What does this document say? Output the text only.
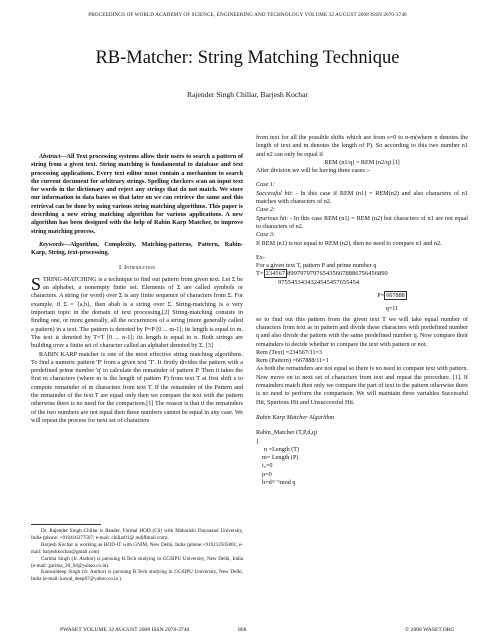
PROCEEDINGS OF WORLD ACADEMY OF SCIENCE, ENGINEERING AND TECHNOLOGY VOLUME 32 AUGUST 2008 ISSN 2070-3740
RB-Matcher: String Matching Technique
Rajender Singh Chillar, Barjesh Kochar

Abstract—All Text processing systems allow their users to search a pattern of string from a given text. String matching is fundamental to database and text processing applications. Every text editor must contain a mechanism to search the current document for arbitrary strings. Spelling checkers scan an input text for words in the dictionary and reject any strings that do not match. We store our information in data bases so that later on we can retrieve the same and this retrieval can be done by using various string matching algorithms. This paper is describing a new string matching algorithm for various applications. A new algorithm has been designed with the help of Rabin Karp Matcher, to improve string matching process.

Keywords—Algorithm, Complexity, Matching-patterns, Pattern, Rabin-Karp, String, text-processing.

I. Introduction

STRING-MATCHING is a technique to find out pattern from given text. Let Σ be an alphabet, a nonempty finite set. Elements of Σ are called symbols or characters. A string (or word) over Σ is any finite sequence of characters from Σ. For example, if Σ = {a,b}, then abab is a string over Σ. String-matching is a very important topic in the domain of text processing.[2] String-matching consists in finding one, or more generally, all the occurrences of a string (more generally called a pattern) in a text. The pattern is denoted by P=P [0 ... m-1]; its length is equal to m. The text is denoted by T=T [0 ... n-1]; its length is equal to n. Both strings are building over a finite set of character called an alphabet denoted by Σ. [3]

RABIN KARP matcher is one of the most effective string matching algorithms. To find a numeric pattern 'P' from a given text 'T'. It firstly divides the pattern with a predefined prime number 'q' to calculate the remainder of pattern P. Then it takes the first m characters (where m is the length of pattern P) from text T at first shift s to compute remainder of m characters from text T. If the remainder of the Pattern and the remainder of the text T are equal only then we compare the text with the pattern otherwise there is no need for the comparison.[1] The reason is that if the remainders of the two numbers are not equal then these numbers cannot be equal in any case. We will repeat the process for next set of characters

Dr. Rajender Singh Chillar is Reader, Formal HOD (CS) with Maharishi Dayanand University, India (phone: +919416277507; e-mail: chillar01@ rediffmail.com).

Barjesh Kochar is working as HOD-IT with GNIM, New Delhi, India (phone:+919212505801; e-mail: barjeshkochar@gmail.com)

Garima Singh (Jr. Author) is pursuing B.Tech studying in GGSIPU University, New Delhi, India (e-mail: garima_20_04@yahoo.co.in).

Kanwaldeep Singh (Jr. Author) is pursuing B.Tech studying in GGSIPU University, New Delhi, India (e-mail: kawal_deep87@yahoo.co.in ).

from text for all the possible shifts which are from s=0 to n-m(where n denotes the length of text and m denotes the length of P). So according to this two number n1 and n2 can only be equal if

REM (n1/q) = REM (n2/q) [1]

After division we will be having three cases :-

Case 1:

Successful hit: - In this case if REM (n1) = REM(n2) and also characters of n1 matches with characters of n2.

Case 2:

Spurious hit: - In this case REM (n1) = REM (n2) but characters of n1 are not equal to characters of n2.

Case 3:

If REM (n1) is not equal to REM (n2), then no need to compare n1 and n2.

Ex-

For a given text T, pattern P and prime number q

T= 234567 8997979797654356678886756456890

9755453434324545457655454

P= 667888

q=11

so to find out this pattern from the given text T we will take equal number of characters from text as in pattern and divide these characters with predefined number q and also divide the pattern with the same predefined number q. Now compare their remainders to decide whether to compare the text with pattern or not.

Rem (Text) =234567/11=3

Rem (Pattern) =667888/11=1

As both the remainders are not equal so there is no need to compare text with pattern. Now move on to next set of characters from text and repeat the procedure. [1]. If remainders match then only we compare the part of text to the pattern otherwise there is no need to perform the comparison. We will maintain three variables Successful Hit, Spurious Hit and Unsuccessful Hit.

Rabin Karp Matcher Algorithm

Rabin_Matcher (T,P,d,q)

{

n =Length (T)

m= Length (P)

t₀=0

p=0

h=dᵐ⁻¹mod q

PWASET VOLUME 32 AUGUST 2008 ISSN 2070-3740	868	© 2008 WASET.ORG
